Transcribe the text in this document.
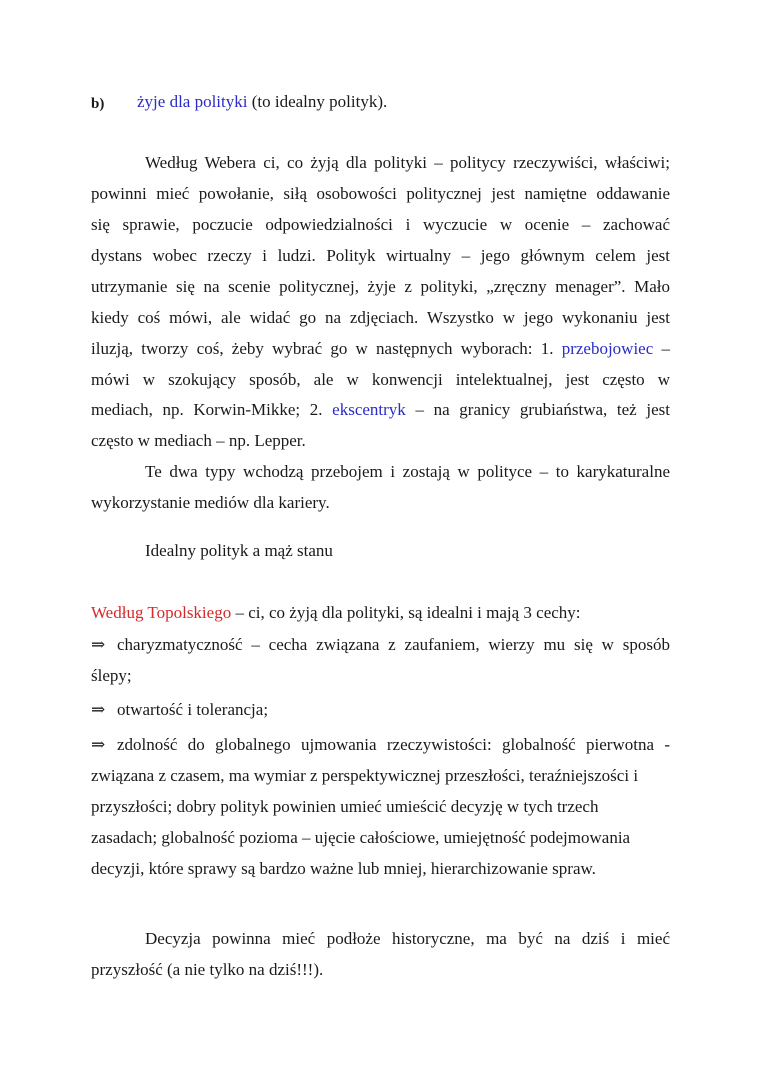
b) żyje dla polityki (to idealny polityk).
Według Webera ci, co żyją dla polityki – politycy rzeczywiści, właściwi;
powinni mieć powołanie, siłą osobowości politycznej jest namiętne oddawanie
się sprawie, poczucie odpowiedzialności i wyczucie w ocenie – zachować
dystans wobec rzeczy i ludzi. Polityk wirtualny – jego głównym celem jest
utrzymanie się na scenie politycznej, żyje z polityki, „zręczny menager”. Mało
kiedy coś mówi, ale widać go na zdjęciach. Wszystko w jego wykonaniu jest
iluzją, tworzy coś, żeby wybrać go w następnych wyborach: 1. przebojowiec –
mówi w szokujący sposób, ale w konwencji intelektualnej, jest często w
mediach, np. Korwin-Mikke; 2. ekscentryk – na granicy grubiaństwa, też jest
często w mediach – np. Lepper.
Te dwa typy wchodzą przebojem i zostają w polityce – to karykaturalne
wykorzystanie mediów dla kariery.
Idealny polityk a mąż stanu
Według Topolskiego – ci, co żyją dla polityki, są idealni i mają 3 cechy:
⇒ charyzmatyczność – cecha związana z zaufaniem, wierzy mu się w sposób
ślepy;
⇒ otwartość i tolerancja;
⇒ zdolność do globalnego ujmowania rzeczywistości: globalność pierwotna -
związana z czasem, ma wymiar z perspektywicznej przeszłości, teraźniejszości i
przyszłości; dobry polityk powinien umieć umieścić decyzję w tych trzech
zasadach; globalność pozioma – ujęcie całościowe, umiejętność podejmowania
decyzji, które sprawy są bardzo ważne lub mniej, hierarchizowanie spraw.
Decyzja powinna mieć podłoże historyczne, ma być na dziś i mieć
przyszłość (a nie tylko na dziś!!!).
